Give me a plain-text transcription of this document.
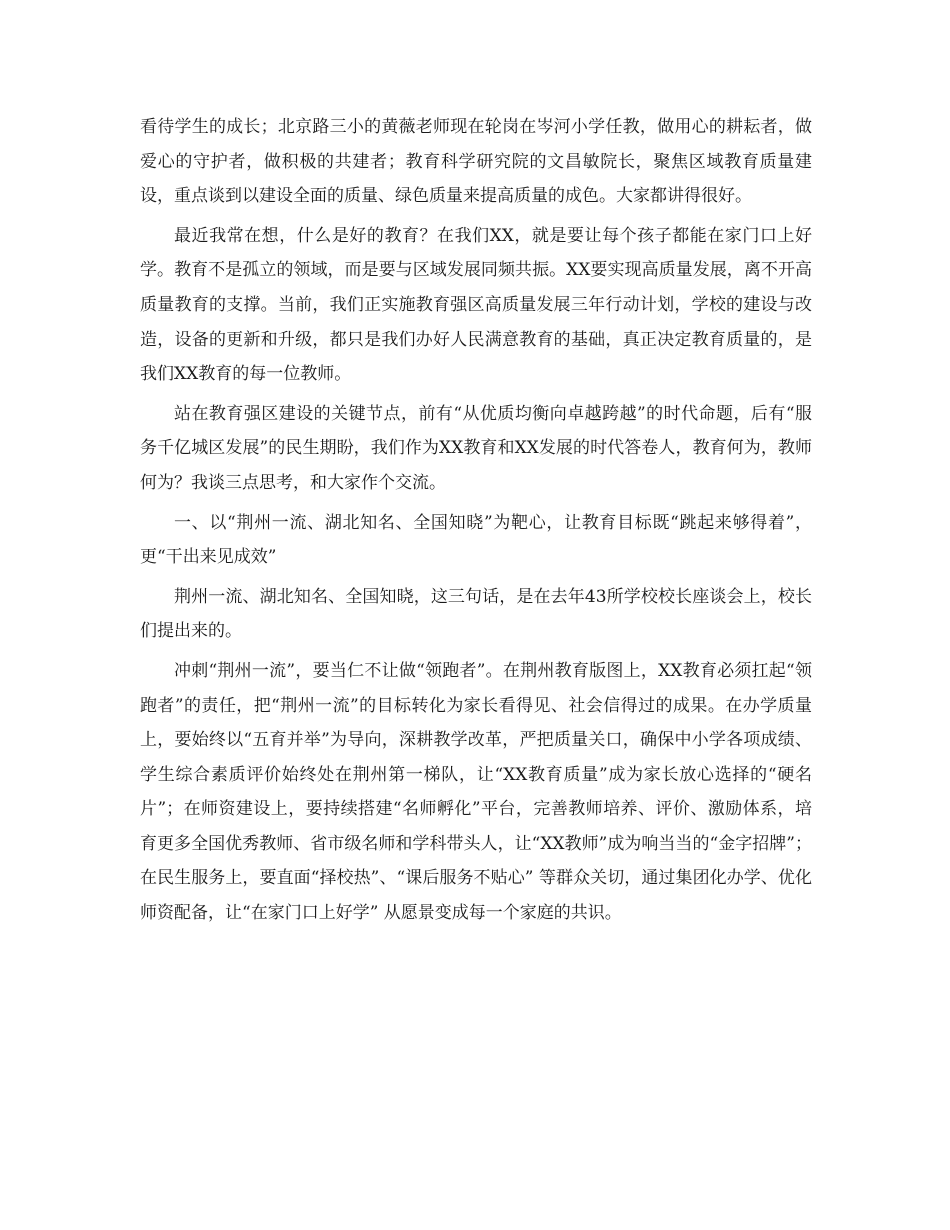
看待学生的成长；北京路三小的黄薇老师现在轮岗在岑河小学任教，做用心的耕耘者，做爱心的守护者，做积极的共建者；教育科学研究院的文昌敏院长，聚焦区域教育质量建设，重点谈到以建设全面的质量、绿色质量来提高质量的成色。大家都讲得很好。

最近我常在想，什么是好的教育？在我们XX，就是要让每个孩子都能在家门口上好学。教育不是孤立的领域，而是要与区域发展同频共振。XX要实现高质量发展，离不开高质量教育的支撑。当前，我们正实施教育强区高质量发展三年行动计划，学校的建设与改造，设备的更新和升级，都只是我们办好人民满意教育的基础，真正决定教育质量的，是我们XX教育的每一位教师。

站在教育强区建设的关键节点，前有“从优质均衡向卓越跨越”的时代命题，后有“服务千亿城区发展”的民生期盼，我们作为XX教育和XX发展的时代答卷人，教育何为，教师何为？我谈三点思考，和大家作个交流。

一、以“荆州一流、湖北知名、全国知晓”为靶心，让教育目标既“跳起来够得着”，更“干出来见成效”

荆州一流、湖北知名、全国知晓，这三句话，是在去年43所学校校长座谈会上，校长们提出来的。

冲刺“荆州一流”，要当仁不让做“领跑者”。在荆州教育版图上，XX教育必须扛起“领跑者”的责任，把“荆州一流”的目标转化为家长看得见、社会信得过的成果。在办学质量上，要始终以“五育并举”为导向，深耕教学改革，严把质量关口，确保中小学各项成绩、学生综合素质评价始终处在荆州第一梯队，让“XX教育质量”成为家长放心选择的“硬名片”；在师资建设上，要持续搭建“名师孵化”平台，完善教师培养、评价、激励体系，培育更多全国优秀教师、省市级名师和学科带头人，让“XX教师”成为响当当的“金字招牌”；在民生服务上，要直面“择校热”、“课后服务不贴心” 等群众关切，通过集团化办学、优化师资配备，让“在家门口上好学” 从愿景变成每一个家庭的共识。
